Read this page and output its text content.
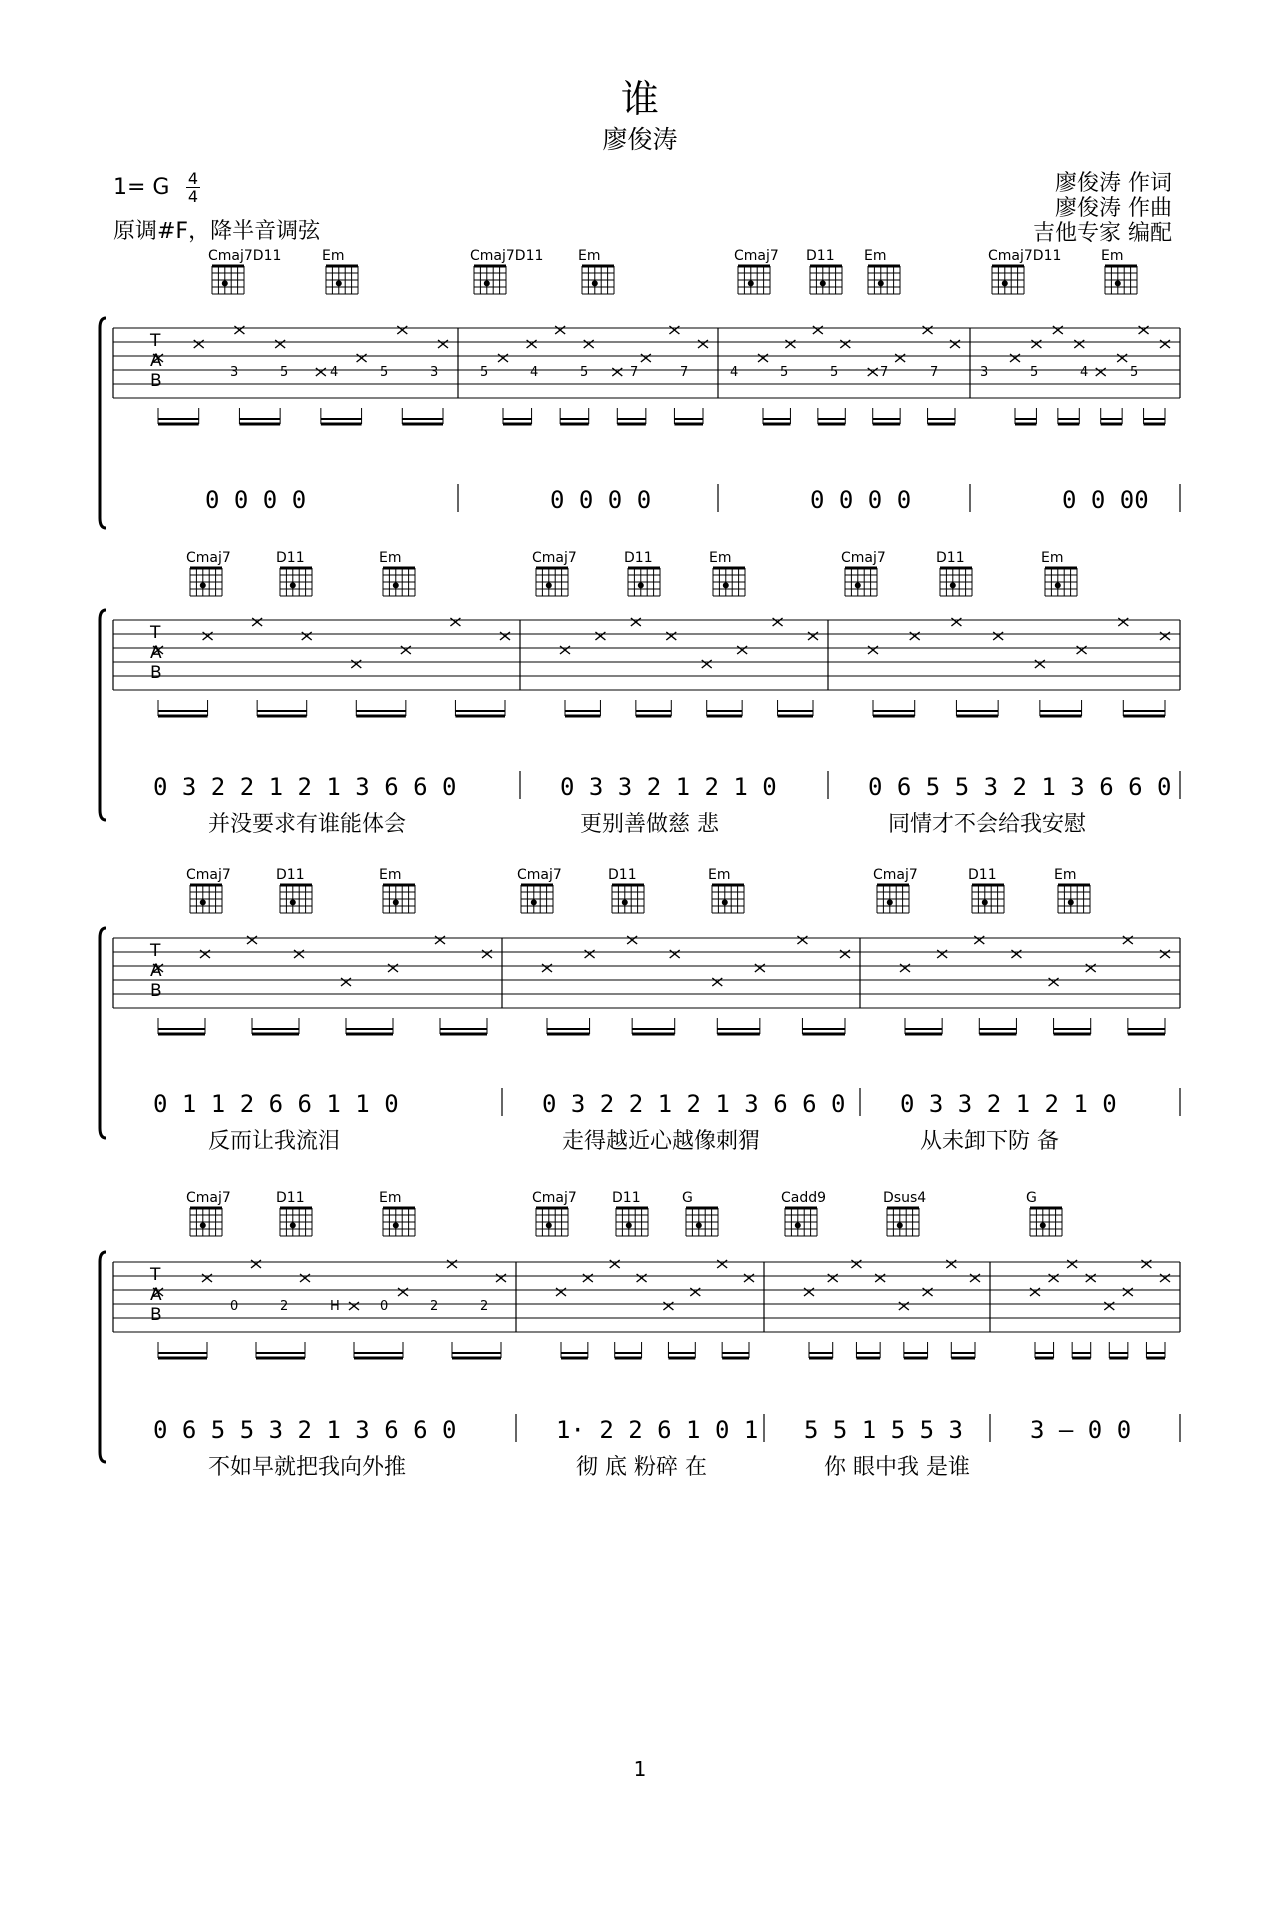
谁
廖俊涛
1= G 4
4
原调#F，降半音调弦
廖俊涛 作词
廖俊涛 作曲
吉他专家 编配
Cmaj7D11	Em	Cmaj7D11 Em	Cmaj7 D11 Em	Cmaj7D11	Em
T
A
B
0 0 0 0	0 0 0 0	0 0 0 0	0 0 00
3	5	4	5	3	5	4	5	7	7	4	5	5	7	7	3	5	4	5
Cmaj7	D11	Em	Cmaj7	D11	Em	Cmaj7	D11	Em
T
A
B
0 3 2 2 1 2 1 3 6 6 0	0 3 3 2 1 2 1 0	0 6 5 5 3 2 1 3 6 6 0
并没要求有谁能体会	更别善做慈 悲	同情才不会给我安慰
Cmaj7	D11	Em	Cmaj7	D11	Em	Cmaj7	D11	Em
T
A
B
0 1 1 2 6 6 1 1 0	0 3 2 2 1 2 1 3 6 6 0 0 3 3 2 1 2 1 0
反而让我流泪	走得越近心越像刺猬	从未卸下防 备
Cmaj7	D11	Em	Cmaj7	D11	G	Cadd9	Dsus4	G
T
A
B
0 6 5 5 3 2 1 3 6 6 0	1· 2 2 6 1 0 1 5 5 1 5 5 3	3 – 0 0
不如早就把我向外推	彻 底 粉碎 在	你 眼中我 是谁
0	2	H	0	2	2
1
